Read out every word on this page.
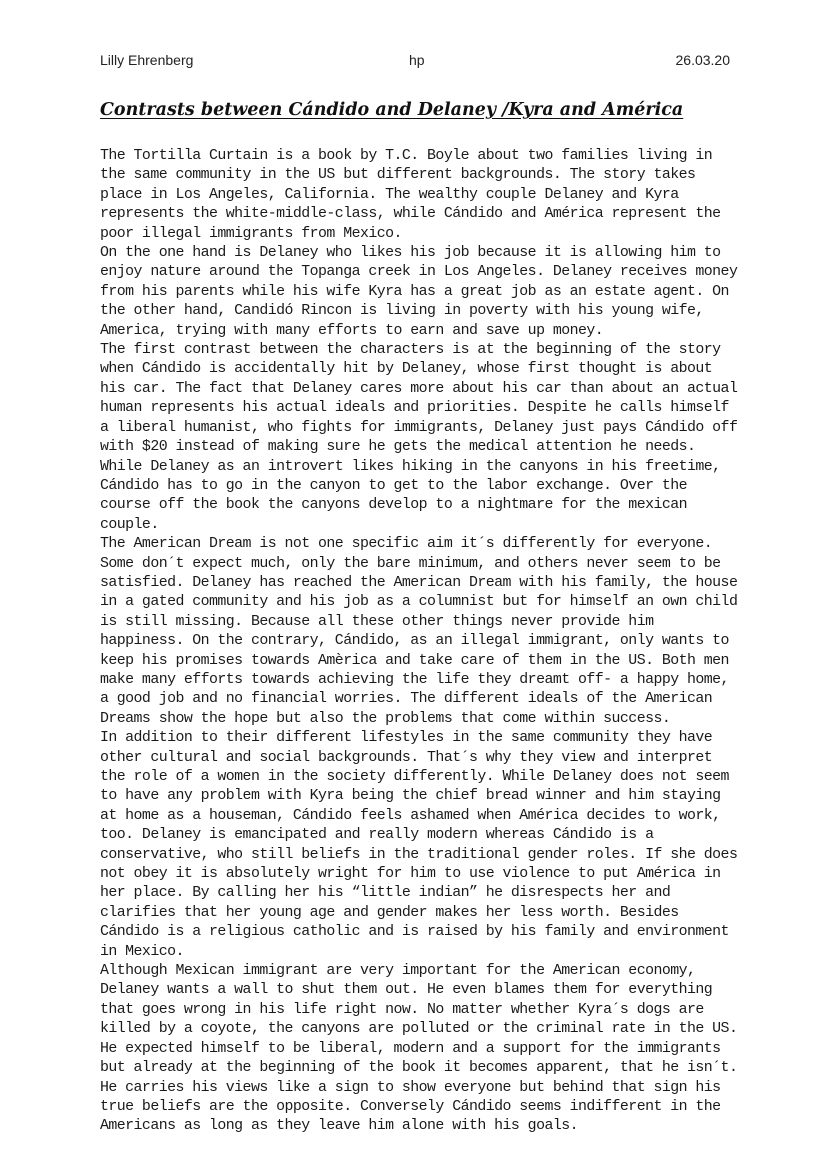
Lilly Ehrenberg	hp	26.03.20
Contrasts between Cándido and Delaney /Kyra and América

The Tortilla Curtain is a book by T.C. Boyle about two families living in the same community in the US but different backgrounds. The story takes place in Los Angeles, California. The wealthy couple Delaney and Kyra represents the white-middle-class, while Cándido and América represent the poor illegal immigrants from Mexico.

On the one hand is Delaney who likes his job because it is allowing him to enjoy nature around the Topanga creek in Los Angeles. Delaney receives money from his parents while his wife Kyra has a great job as an estate agent. On the other hand, Candidó Rincon is living in poverty with his young wife, America, trying with many efforts to earn and save up money.

The first contrast between the characters is at the beginning of the story when Cándido is accidentally hit by Delaney, whose first thought is about his car. The fact that Delaney cares more about his car than about an actual human represents his actual ideals and priorities. Despite he calls himself a liberal humanist, who fights for immigrants, Delaney just pays Cándido off with $20 instead of making sure he gets the medical attention he needs.

While Delaney as an introvert likes hiking in the canyons in his freetime, Cándido has to go in the canyon to get to the labor exchange. Over the course off the book the canyons develop to a nightmare for the mexican couple.

The American Dream is not one specific aim it´s differently for everyone. Some don´t expect much, only the bare minimum, and others never seem to be satisfied. Delaney has reached the American Dream with his family, the house in a gated community and his job as a columnist but for himself an own child is still missing. Because all these other things never provide him happiness. On the contrary, Cándido, as an illegal immigrant, only wants to keep his promises towards Amèrica and take care of them in the US. Both men make many efforts towards achieving the life they dreamt off- a happy home, a good job and no financial worries. The different ideals of the American Dreams show the hope but also the problems that come within success.

In addition to their different lifestyles in the same community they have other cultural and social backgrounds. That´s why they view and interpret the role of a women in the society differently. While Delaney does not seem to have any problem with Kyra being the chief bread winner and him staying at home as a houseman, Cándido feels ashamed when América decides to work, too. Delaney is emancipated and really modern whereas Cándido is a conservative, who still beliefs in the traditional gender roles. If she does not obey it is absolutely wright for him to use violence to put América in her place. By calling her his “little indian” he disrespects her and clarifies that her young age and gender makes her less worth. Besides Cándido is a religious catholic and is raised by his family and environment in Mexico.

Although Mexican immigrant are very important for the American economy, Delaney wants a wall to shut them out. He even blames them for everything that goes wrong in his life right now. No matter whether Kyra´s dogs are killed by a coyote, the canyons are polluted or the criminal rate in the US. He expected himself to be liberal, modern and a support for the immigrants but already at the beginning of the book it becomes apparent, that he isn´t. He carries his views like a sign to show everyone but behind that sign his true beliefs are the opposite. Conversely Cándido seems indifferent in the Americans as long as they leave him alone with his goals.
